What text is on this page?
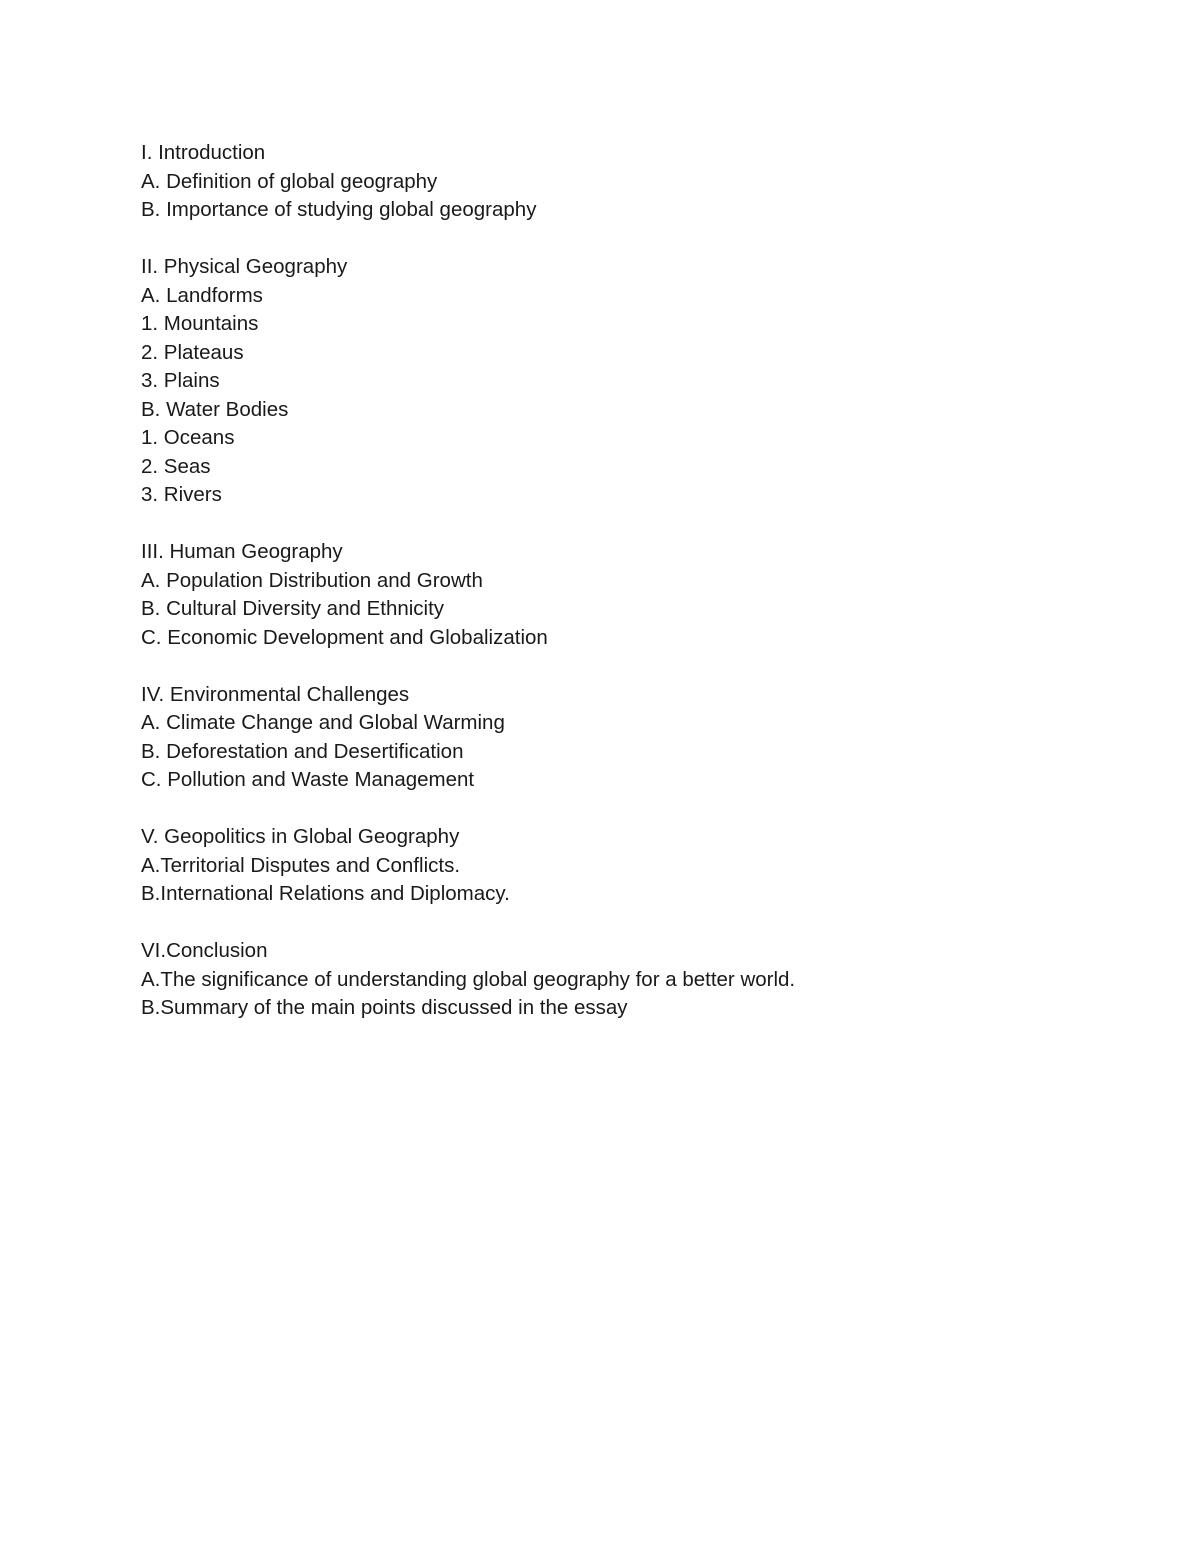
I. Introduction
A. Definition of global geography
B. Importance of studying global geography
II. Physical Geography
A. Landforms
1. Mountains
2. Plateaus
3. Plains
B. Water Bodies
1. Oceans
2. Seas
3. Rivers
III. Human Geography
A. Population Distribution and Growth
B. Cultural Diversity and Ethnicity
C. Economic Development and Globalization
IV. Environmental Challenges
A. Climate Change and Global Warming
B. Deforestation and Desertification
C. Pollution and Waste Management
V. Geopolitics in Global Geography
A.Territorial Disputes and Conflicts.
B.International Relations and Diplomacy.
VI.Conclusion
A.The significance of understanding global geography for a better world.
B.Summary of the main points discussed in the essay
